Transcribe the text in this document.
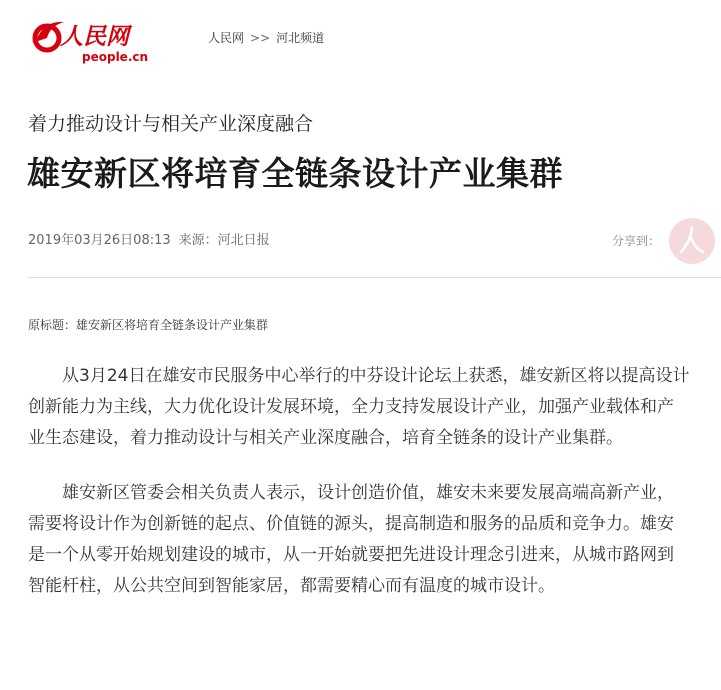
人民网
people.cn
人民网 >> 河北频道
着力推动设计与相关产业深度融合
雄安新区将培育全链条设计产业集群
2019年03月26日08:13 来源：河北日报	分享到：
原标题：雄安新区将培育全链条设计产业集群

从3月24日在雄安市民服务中心举行的中芬设计论坛上获悉，雄安新区将以提高设计创新能力为主线，大力优化设计发展环境，全力支持发展设计产业，加强产业载体和产业生态建设，着力推动设计与相关产业深度融合，培育全链条的设计产业集群。

雄安新区管委会相关负责人表示，设计创造价值，雄安未来要发展高端高新产业，需要将设计作为创新链的起点、价值链的源头，提高制造和服务的品质和竞争力。雄安是一个从零开始规划建设的城市，从一开始就要把先进设计理念引进来，从城市路网到智能杆柱，从公共空间到智能家居，都需要精心而有温度的城市设计。
